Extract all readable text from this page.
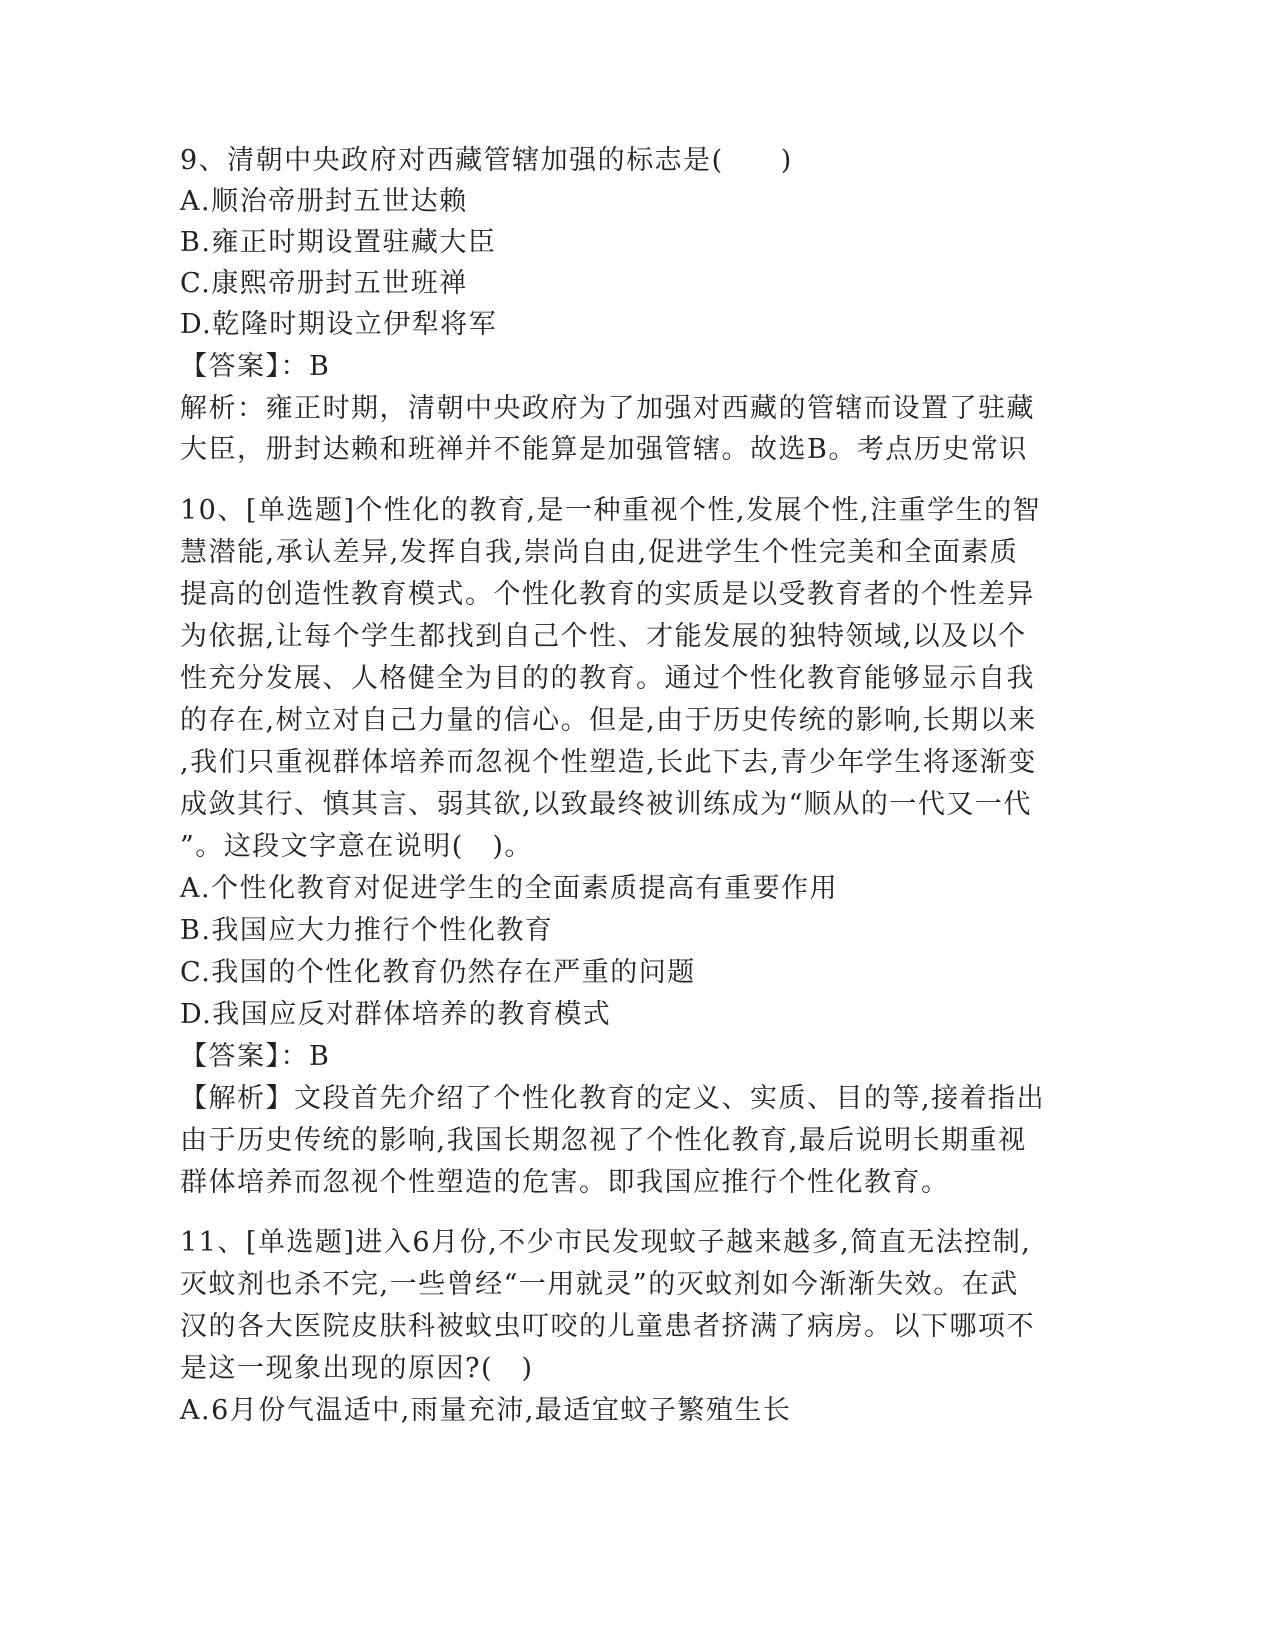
9、清朝中央政府对西藏管辖加强的标志是(　　)
A.顺治帝册封五世达赖
B.雍正时期设置驻藏大臣
C.康熙帝册封五世班禅
D.乾隆时期设立伊犁将军
【答案】：B
解析：雍正时期，清朝中央政府为了加强对西藏的管辖而设置了驻藏
大臣，册封达赖和班禅并不能算是加强管辖。故选B。考点历史常识
10、[单选题]个性化的教育,是一种重视个性,发展个性,注重学生的智
慧潜能,承认差异,发挥自我,崇尚自由,促进学生个性完美和全面素质
提高的创造性教育模式。个性化教育的实质是以受教育者的个性差异
为依据,让每个学生都找到自己个性、才能发展的独特领域,以及以个
性充分发展、人格健全为目的的教育。通过个性化教育能够显示自我
的存在,树立对自己力量的信心。但是,由于历史传统的影响,长期以来
,我们只重视群体培养而忽视个性塑造,长此下去,青少年学生将逐渐变
成敛其行、慎其言、弱其欲,以致最终被训练成为“顺从的一代又一代
”。这段文字意在说明(　)。
A.个性化教育对促进学生的全面素质提高有重要作用
B.我国应大力推行个性化教育
C.我国的个性化教育仍然存在严重的问题
D.我国应反对群体培养的教育模式
【答案】：B
【解析】文段首先介绍了个性化教育的定义、实质、目的等,接着指出
由于历史传统的影响,我国长期忽视了个性化教育,最后说明长期重视
群体培养而忽视个性塑造的危害。即我国应推行个性化教育。
11、[单选题]进入6月份,不少市民发现蚊子越来越多,简直无法控制,
灭蚊剂也杀不完,一些曾经“一用就灵”的灭蚊剂如今渐渐失效。在武
汉的各大医院皮肤科被蚊虫叮咬的儿童患者挤满了病房。以下哪项不
是这一现象出现的原因?(　)
A.6月份气温适中,雨量充沛,最适宜蚊子繁殖生长
